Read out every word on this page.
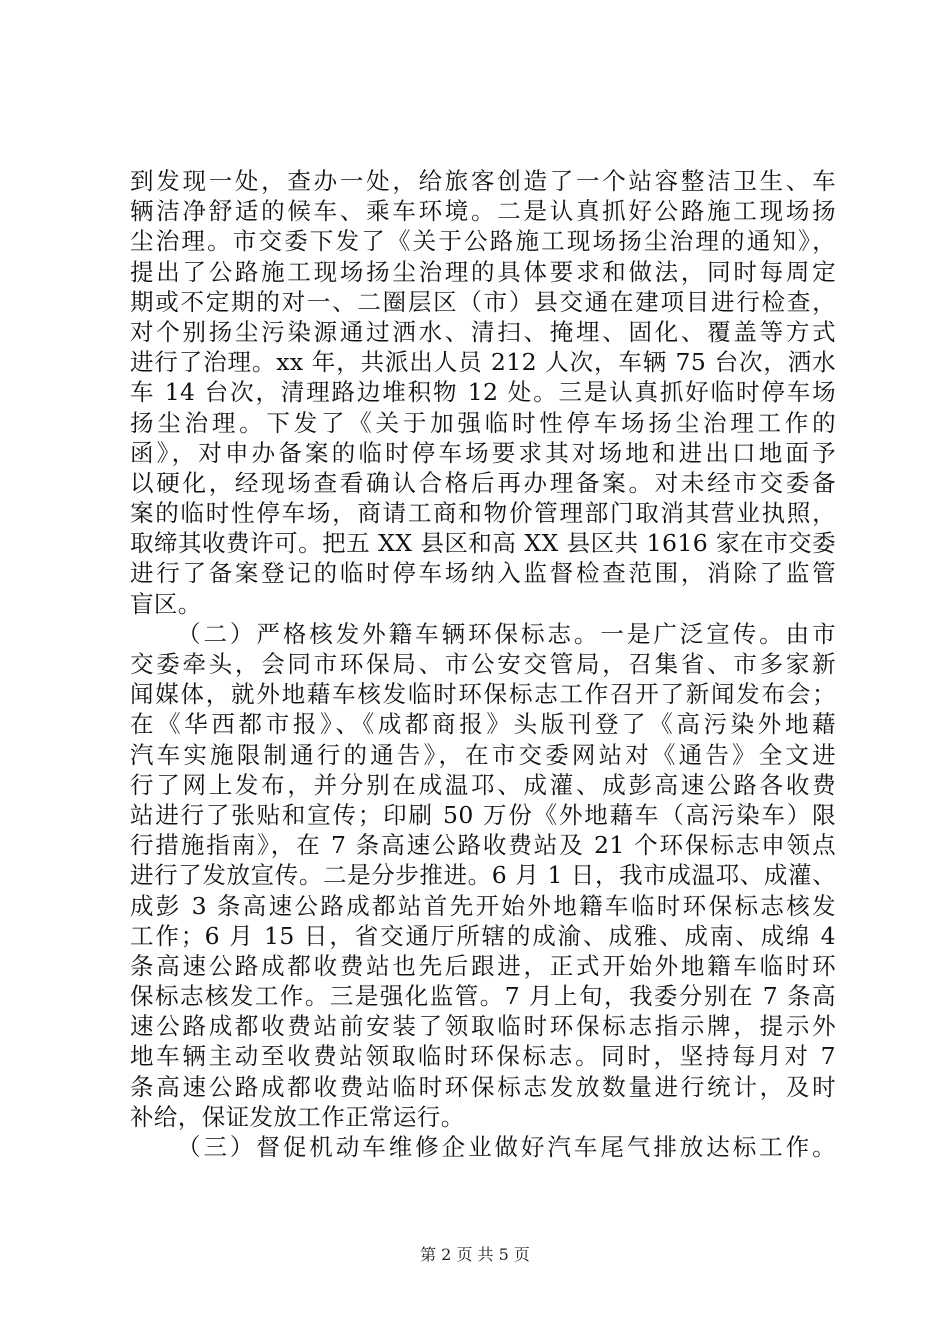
到发现一处，查办一处，给旅客创造了一个站容整洁卫生、车
辆洁净舒适的候车、乘车环境。二是认真抓好公路施工现场扬
尘治理。市交委下发了《关于公路施工现场扬尘治理的通知》，
提出了公路施工现场扬尘治理的具体要求和做法，同时每周定
期或不定期的对一、二圈层区（市）县交通在建项目进行检查，
对个别扬尘污染源通过洒水、清扫、掩埋、固化、覆盖等方式
进行了治理。xx 年，共派出人员 212 人次，车辆 75 台次，洒水
车 14 台次，清理路边堆积物 12 处。三是认真抓好临时停车场
扬尘治理。下发了《关于加强临时性停车场扬尘治理工作的
函》，对申办备案的临时停车场要求其对场地和进出口地面予
以硬化，经现场查看确认合格后再办理备案。对未经市交委备
案的临时性停车场，商请工商和物价管理部门取消其营业执照，
取缔其收费许可。把五 XX 县区和高 XX 县区共 1616 家在市交委
进行了备案登记的临时停车场纳入监督检查范围，消除了监管
盲区。
（二）严格核发外籍车辆环保标志。一是广泛宣传。由市
交委牵头，会同市环保局、市公安交管局，召集省、市多家新
闻媒体，就外地藉车核发临时环保标志工作召开了新闻发布会；
在《华西都市报》、《成都商报》头版刊登了《高污染外地藉
汽车实施限制通行的通告》，在市交委网站对《通告》全文进
行了网上发布，并分别在成温邛、成灌、成彭高速公路各收费
站进行了张贴和宣传；印刷 50 万份《外地藉车（高污染车）限
行措施指南》，在 7 条高速公路收费站及 21 个环保标志申领点
进行了发放宣传。二是分步推进。6 月 1 日，我市成温邛、成灌、
成彭 3 条高速公路成都站首先开始外地籍车临时环保标志核发
工作；6 月 15 日，省交通厅所辖的成渝、成雅、成南、成绵 4
条高速公路成都收费站也先后跟进，正式开始外地籍车临时环
保标志核发工作。三是强化监管。7 月上旬，我委分别在 7 条高
速公路成都收费站前安装了领取临时环保标志指示牌，提示外
地车辆主动至收费站领取临时环保标志。同时，坚持每月对 7
条高速公路成都收费站临时环保标志发放数量进行统计，及时
补给，保证发放工作正常运行。
（三）督促机动车维修企业做好汽车尾气排放达标工作。
第 2 页 共 5 页
